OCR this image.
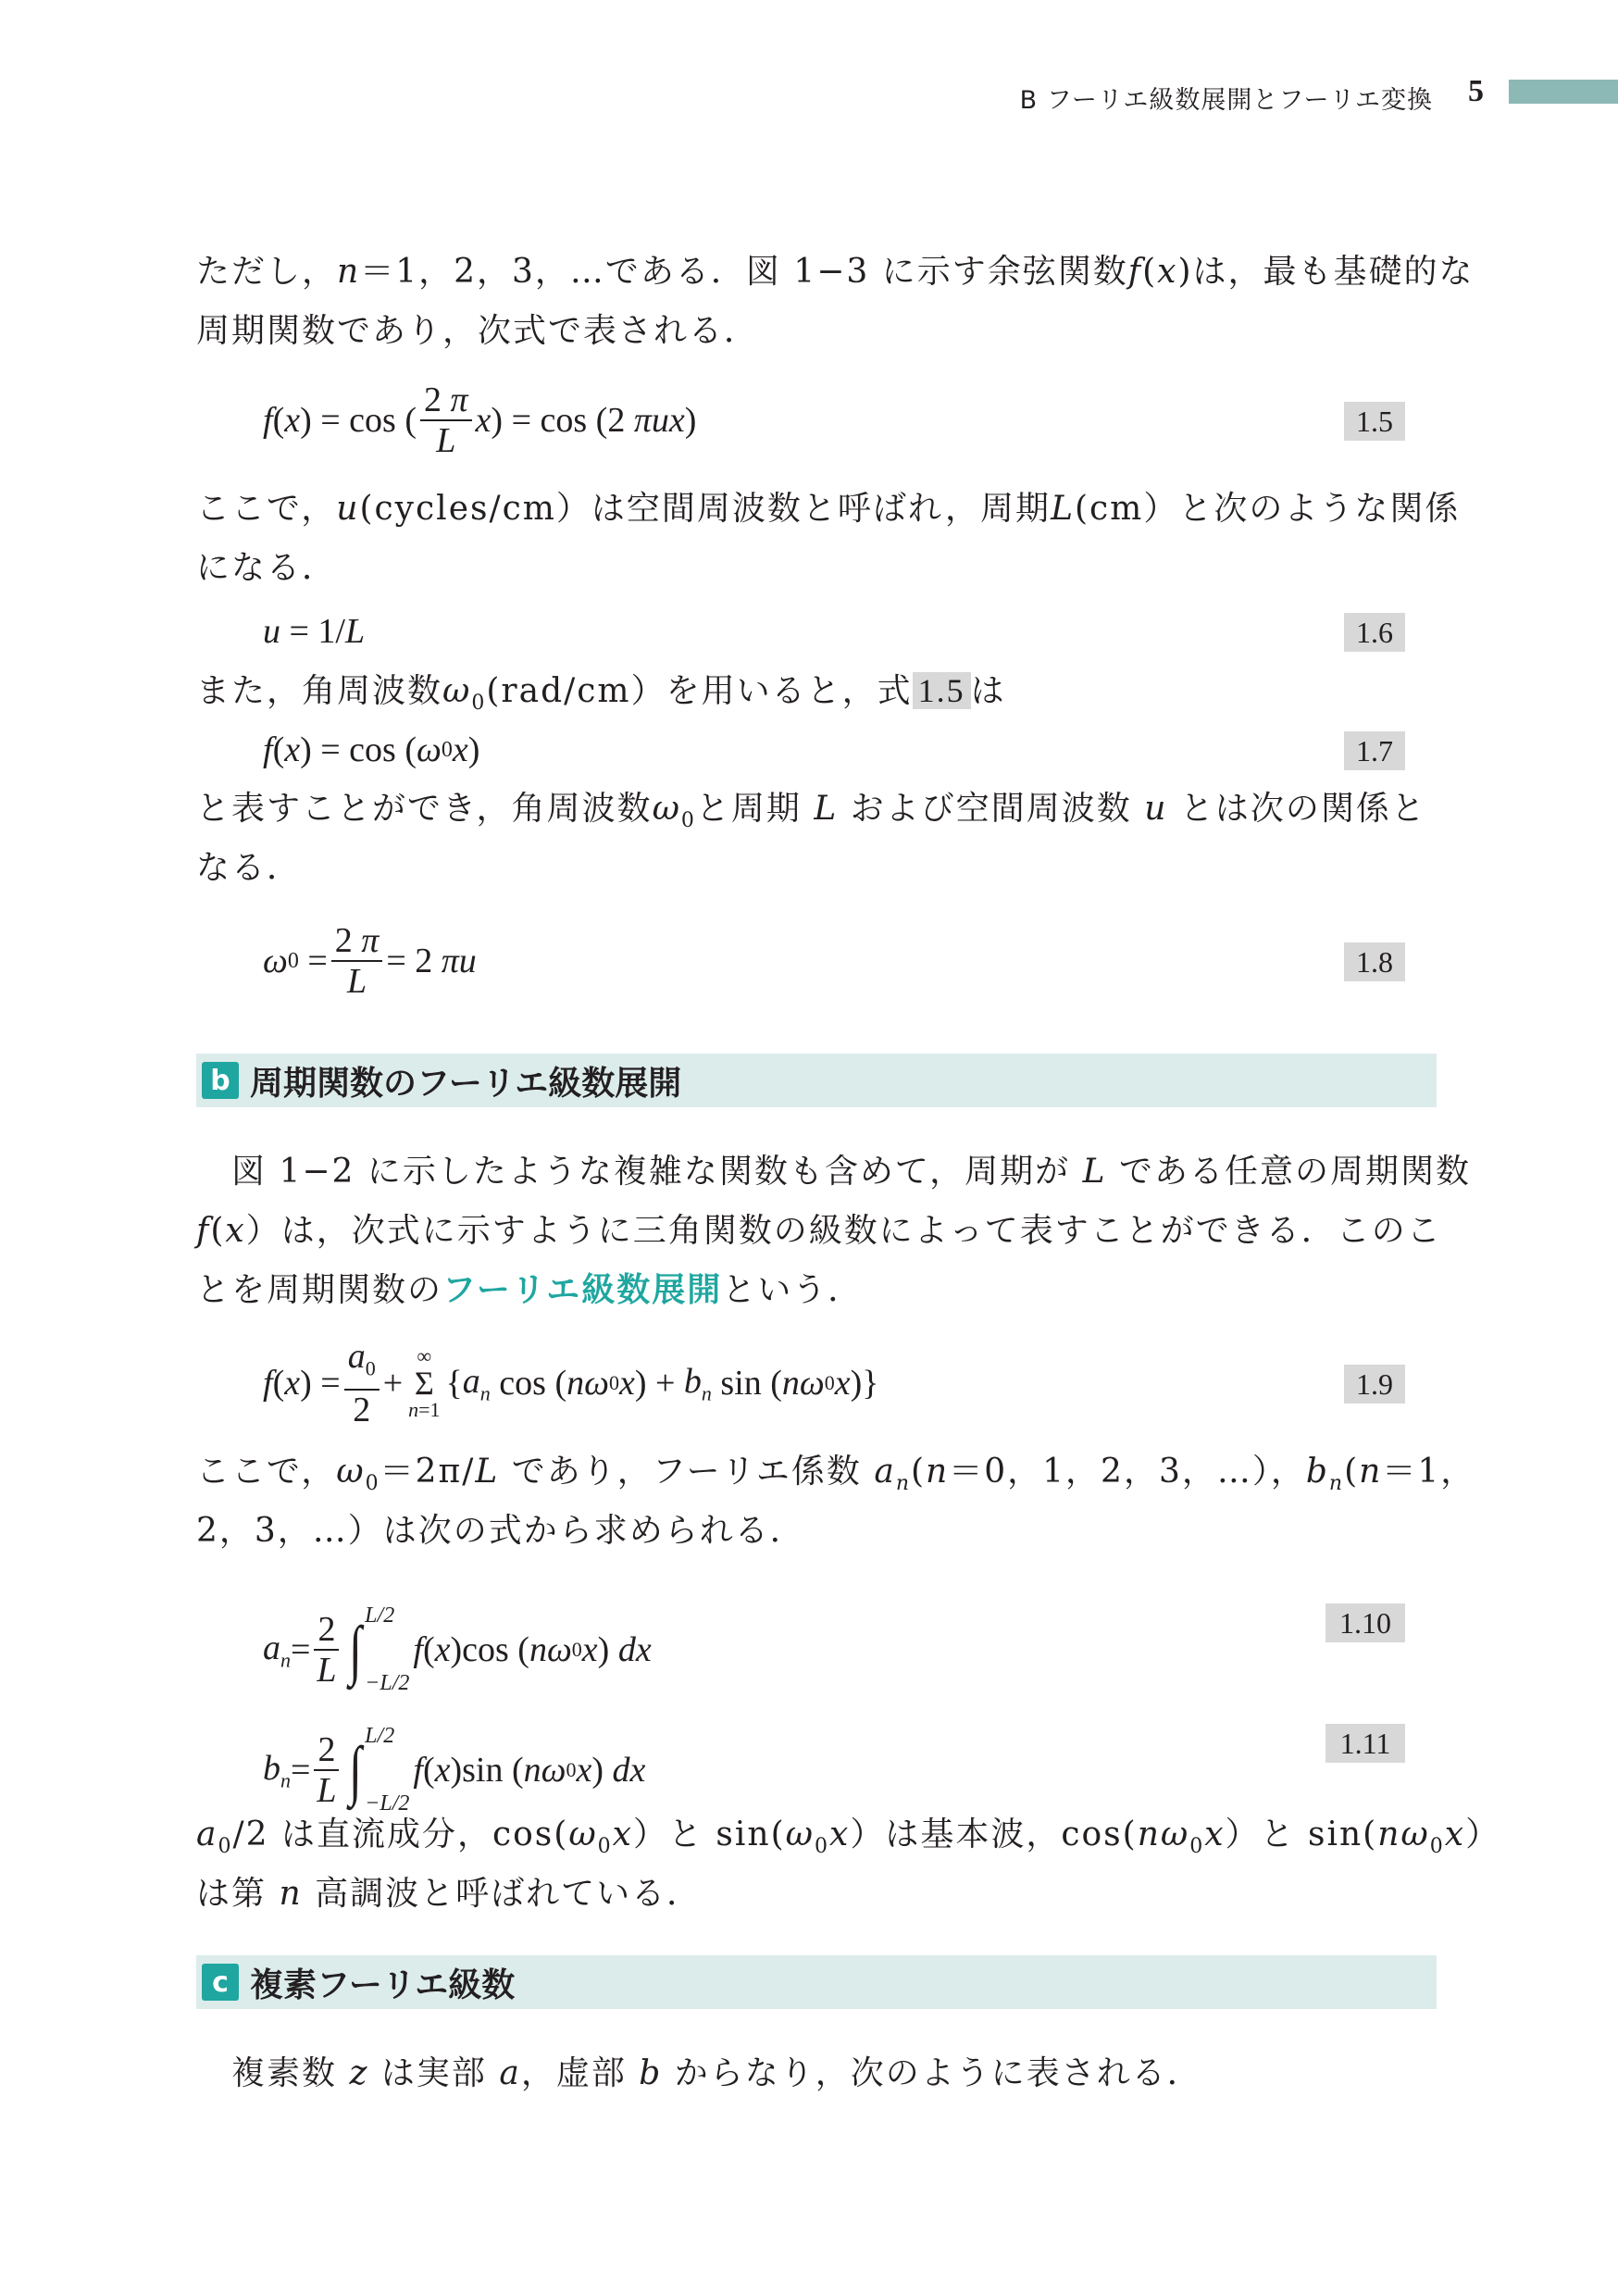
B フーリエ級数展開とフーリエ変換 5
ただし，n＝1，2，3，…である．図 1−3 に示す余弦関数f(x)は，最も基礎的な
周期関数であり，次式で表される．
f ( x ) = cos ( $\frac{2 \pi}{L}$ x ) = cos (2 πux )	1.5
ここで，u(cycles/cm）は空間周波数と呼ばれ，周期L(cm）と次のような関係
になる．
u = 1/ L	1.6
また，角周波数$\omega_0(rad/cm)$を用いると，式 1.5 は
f ( x ) = cos ( ω 0 x )	1.7
と表すことができ，角周波数$\omega_0$と周期 L および空間周波数 u とは次の関係と
なる．
ω $0 = \frac{2 \pi}{L} = 2$ πu	1.8
b 周期関数のフーリエ級数展開
図 1−2 に示したような複雑な関数も含めて，周期が L である任意の周期関数
f(x）は，次式に示すように三角関数の級数によって表すことができる．このこ
とを周期関数のフーリエ級数展開という．
f ( x ) = $\frac{a_0}{2}$ +
∞
Σ
n=1
{ $a_n$ cos ( nω 0 x ) + $b_n$ sin ( nω 0 x )}	1.9
ここで，$\omega_0=2\pi/L$ であり，フーリエ係数 $a_n(n=0$，1，2，3，…），$b_n(n=1$，
2，3，…）は次の式から求められる．
$a_n = \frac{2}{L}$ ∫ L/2
−L/2
f ( x )cos ( nω 0 x ) dx
1.10
$b_n = \frac{2}{L}$ ∫ L/2
−L/2
f ( x )sin ( nω 0 x ) dx
1.11
$a_0/2$ は直流成分，$\cos(\omega_0x)$と $\sin(\omega_0x)$は基本波，$\cos(n\omega_0x)$と $\sin(n\omega_0x)$
は第 n 高調波と呼ばれている．
c 複素フーリエ級数
複素数 z は実部 a，虚部 b からなり，次のように表される．
